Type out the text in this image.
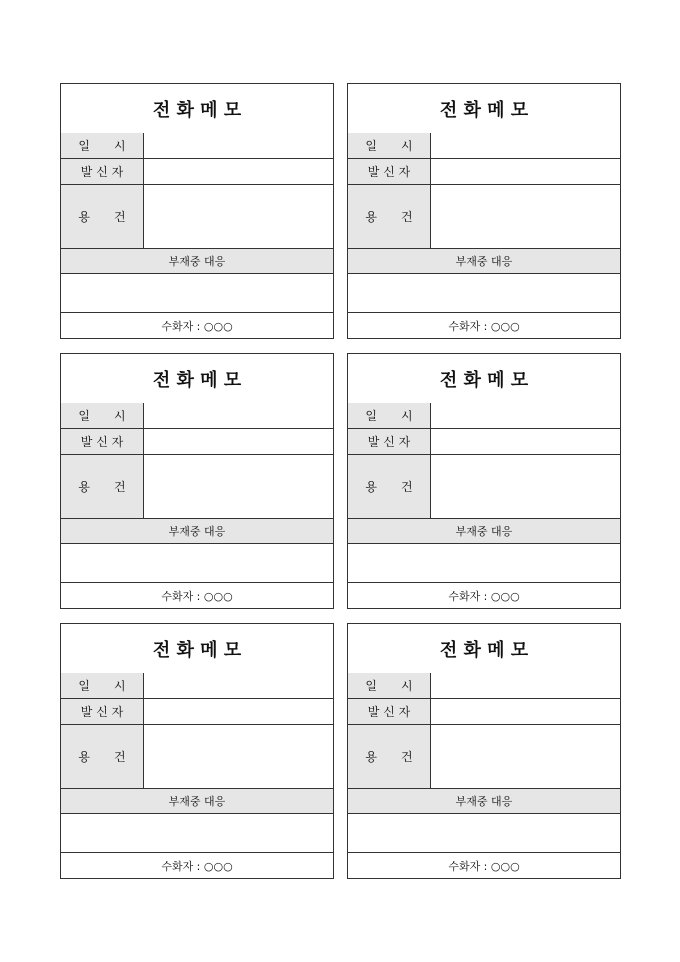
전 화 메 모
일　　시
발 신 자
용　　건
부재중 대응
수화자 : ○○○
전 화 메 모
일　　시
발 신 자
용　　건
부재중 대응
수화자 : ○○○
전 화 메 모
일　　시
발 신 자
용　　건
부재중 대응
수화자 : ○○○
전 화 메 모
일　　시
발 신 자
용　　건
부재중 대응
수화자 : ○○○
전 화 메 모
일　　시
발 신 자
용　　건
부재중 대응
수화자 : ○○○
전 화 메 모
일　　시
발 신 자
용　　건
부재중 대응
수화자 : ○○○
